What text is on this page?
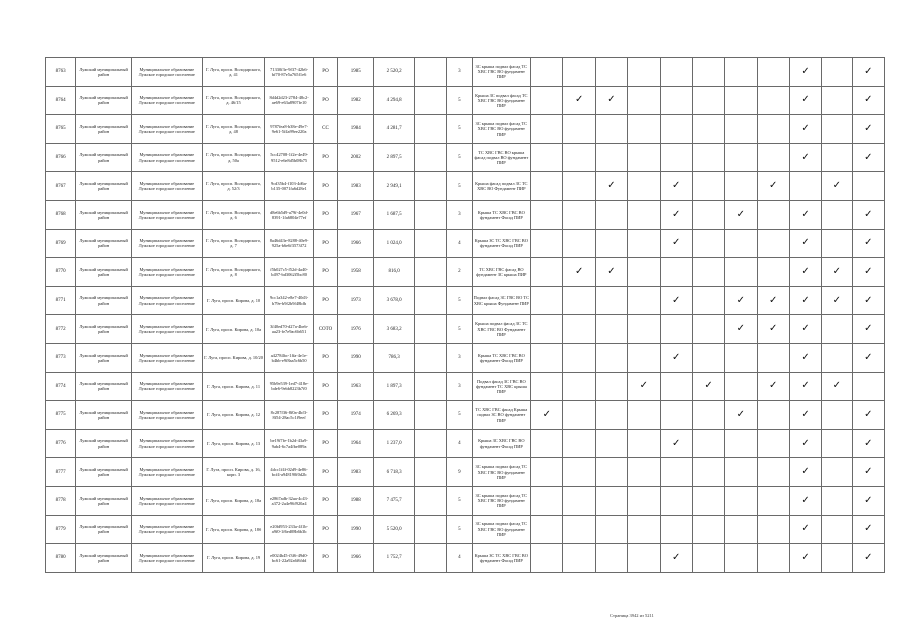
8763	Лужский муниципальный район	Муниципальное образование Лужское городское поселение	Г. Луга, просп. Володарского, д. 41	71330f3e-9f37-42b6-bf70-87e5a765f1e6	РО	1985	2 520,2		3	ЗС крыша подвал фасад ТС ХВС ГВС ВО фундамент ПИР									✓		✓
8764	Лужский муниципальный район	Муниципальное образование Лужское городское поселение	Г. Луга, просп. Володарского, д. 46/15	8d4d2d23-2784-48c2-ae69-e63a8907fe10	РО	1982	4 294,8		5	Крыша ЗС подвал фасад ТС ХВС ГВС ВО фундамент ПИР		✓	✓						✓		✓
8765	Лужский муниципальный район	Муниципальное образование Лужское городское поселение	Г. Луга, просп. Володарского, д. 48	9787fea8-b38e-49e7-9e61-5f4a99ee220a	СС	1984	4 281,7		5	ЗС крыша подвал фасад ТС ХВС ГВС ВО фундамент ПИР									✓		✓
8766	Лужский муниципальный район	Муниципальное образование Лужское городское поселение	Г. Луга, просп. Володарского, д. 50а	5cc42708-1f2e-4e49-9512-e6e8d5b08b75	РО	2002	2 897,5		5	ТС ХВС ГВС ВО крыша фасад подвал ВО фундамент ПИР									✓		✓
8767	Лужский муниципальный район	Муниципальное образование Лужское городское поселение	Г. Луга, просп. Володарского, д. 52/3	9cd35b4-f103-4d6a-b135-0071fa6d28e1	РО	1983	2 949,1		5	Крыша фасад подвал ЗС ТС ХВС ВО Фундамент ПИР			✓		✓			✓		✓	
8768	Лужский муниципальный район	Муниципальное образование Лужское городское поселение	Г. Луга, просп. Володарского, д. 6	d8e6b5d9-a79f-4e0d-8391-1fa6804e77ef	РО	1967	1 687,5		3	Крыша ТС ХВС ГВС ВО фундамент Фасад ПИР					✓		✓		✓		✓
8769	Лужский муниципальный район	Муниципальное образование Лужское городское поселение	Г. Луга, просп. Володарского, д. 7	8a46d43e-8288-40e9-925a-b6e6f3573f72	РО	1966	1 024,0		4	Крыша ЗС ТС ХВС ГВС ВО фундамент Фасад ПИР					✓				✓		✓
8770	Лужский муниципальный район	Муниципальное образование Лужское городское поселение	Г. Луга, просп. Володарского, д. 8	f5b027c5-f52d-4a40-b497-bd3062f5bc80	РО	1958	816,0		2	ТС ХВС ГВС фасад ВО фундамент ЗС крыша ПИР		✓	✓						✓	✓	✓
8771	Лужский муниципальный район	Муниципальное образование Лужское городское поселение	Г. Луга, просп. Кирова, д. 10	9cc1a342-e8e7-40d3-b79e-b9f2b9f48bfb	РО	1973	3 678,0		5	Подвал фасад ЗС ГВС ВО ТС ХВС крыша Фундамент ПИР					✓		✓	✓	✓	✓	✓
8772	Лужский муниципальный район	Муниципальное образование Лужское городское поселение	Г. Луга, просп. Кирова, д. 10а	3f40ed70-d27a-4beb-aa23-fe7e9ac6b651	СОТО	1976	3 683,2		5	Крыша подвал фасад ЗС ТС ХВС ГВС ВО Фундамент ПИР							✓	✓	✓		✓
8773	Лужский муниципальный район	Муниципальное образование Лужское городское поселение	Г. Луга, просп. Кирова, д. 10/20	a42784bc-1ffa-4e1e-b4bb-e9f8aa5c6b50	РО	1990	786,3		3	Крыша ТС ХВС ГВС ВО фундамент Фасад ПИР					✓				✓		✓
8774	Лужский муниципальный район	Муниципальное образование Лужское городское поселение	Г. Луга, просп. Кирова, д. 11	95b9e539-1ed7-418e-bde6-9ebb8223b7f0	РО	1963	1 897,3		3	Подвал фасад ЗС ГВС ВО фундамент ТС ХВС крыша ПИР				✓		✓		✓	✓	✓	
8775	Лужский муниципальный район	Муниципальное образование Лужское городское поселение	Г. Луга, просп. Кирова, д. 12	8c287f36-8f0a-4bf3-8f54-28ac5c1f9eef	РО	1974	6 269,3		5	ТС ХВС ГВС фасад Крыша подвал ЗС ВО фундамент ПИР	✓						✓		✓		✓
8776	Лужский муниципальный район	Муниципальное образование Лужское городское поселение	Г. Луга, просп. Кирова, д. 13	be19f7fe-1b2d-43a9-9ab4-6c7a4fbe089a	РО	1964	1 237,0		4	Крыша ЗС ХВС ГВС ВО фундамент Фасад ПИР					✓				✓		✓
8777	Лужский муниципальный район	Муниципальное образование Лужское городское поселение	Г. Луга, просп. Кирова, д. 16, корп. 3	4dcc1f4f-02d9-4e86-bcf4-a948190f0d2b	РО	1983	6 718,3		9	ЗС крыша подвал фасад ТС ХВС ГВС ВО фундамент ПИР									✓		✓
8778	Лужский муниципальный район	Муниципальное образование Лужское городское поселение	Г. Луга, просп. Кирова, д. 18а	e2867adb-32aa-4c43-a372-2a4e96f920a4	РО	1988	7 475,7		5	ЗС крыша подвал фасад ТС ХВС ГВС ВО фундамент ПИР									✓		✓
8779	Лужский муниципальный район	Муниципальное образование Лужское городское поселение	Г. Луга, просп. Кирова, д. 18б	e20fd953-233a-4f1b-a9f0-1f6ed08b6b3b	РО	1990	5 520,0		5	ЗС крыша подвал фасад ТС ХВС ГВС ВО фундамент ПИР									✓		✓
8780	Лужский муниципальный район	Муниципальное образование Лужское городское поселение	Г. Луга, просп. Кирова, д. 19	e0024b45-f3f6-49d0-bc61-22a92a6f6fdd	РО	1966	1 752,7		4	Крыша ЗС ТС ХВС ГВС ВО фундамент Фасад ПИР					✓				✓		✓
Страница 3942 из 5211
